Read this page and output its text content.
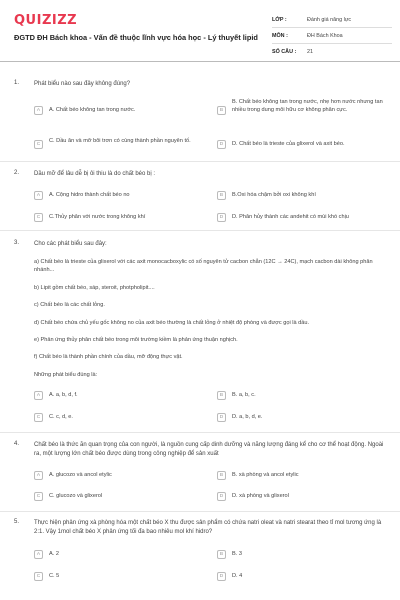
QUIZIZZ
ĐGTD ĐH Bách khoa - Vấn đề thuộc lĩnh vực hóa học - Lý thuyết lipid
LỚP :	Đánh giá năng lực
MÔN :	ĐH Bách Khoa
SỐ CÂU :	21
1. Phát biểu nào sau đây không đúng?
A	A. Chất béo không tan trong nước.	B
B. Chất béo không tan trong nước, nhẹ hơn nước nhưng tan nhiều trong dung môi hữu cơ không phân cực.
C
C. Dầu ăn và mỡ bôi trơn có cùng thành phần nguyên tố.
D	D. Chất béo là trieste của glixerol và axit béo.
2. Dầu mỡ để lâu dễ bị ôi thiu là do chất béo bị :
A	A. Cộng hidro thành chất béo no	B	B.Oxi hóa chậm bởi oxi không khí
C	C.Thủy phân với nước trong không khí	D	D. Phân hủy thành các andehit có mùi khó chịu
3. Cho các phát biểu sau đây:
a) Chất béo là trieste của glixerol với các axit monocacboxylic có số nguyên tử cacbon chẵn (12C → 24C), mạch cacbon dài không phân nhánh...
b) Lipit gồm chất béo, sáp, steroit, photpholipit....
c) Chất béo là các chất lỏng.
d) Chất béo chứa chủ yếu gốc không no của axit béo thường là chất lỏng ở nhiệt độ phòng và được gọi là dầu.
e) Phản ứng thủy phân chất béo trong môi trường kiềm là phản ứng thuận nghịch.
f) Chất béo là thành phần chính của dầu, mỡ động thực vật.
Những phát biểu đúng là:
A	A. a, b, d, f.	B	B. a, b, c.
C	C. c, d, e.	D	D. a, b, d, e.
4. Chất béo là thức ăn quan trọng của con người, là nguồn cung cấp dinh dưỡng và năng lượng đáng kể cho cơ thể hoạt động. Ngoài ra, một lượng lớn chất béo được dùng trong công nghiệp để sản xuất
A	A. glucozo và ancol etylic	B	B. xà phòng và ancol etylic
C	C. glucozo và glixerol	D	D. xà phòng và glixerol
5. Thực hiện phản ứng xà phòng hóa một chất béo X thu được sản phẩm có chứa natri oleat và natri stearat theo tỉ mol tương ứng là 2:1. Vậy 1mol chất béo X phản ứng tối đa bao nhiêu mol khí hidro?
A	A. 2	B	B. 3
C	C. 5	D	D. 4
